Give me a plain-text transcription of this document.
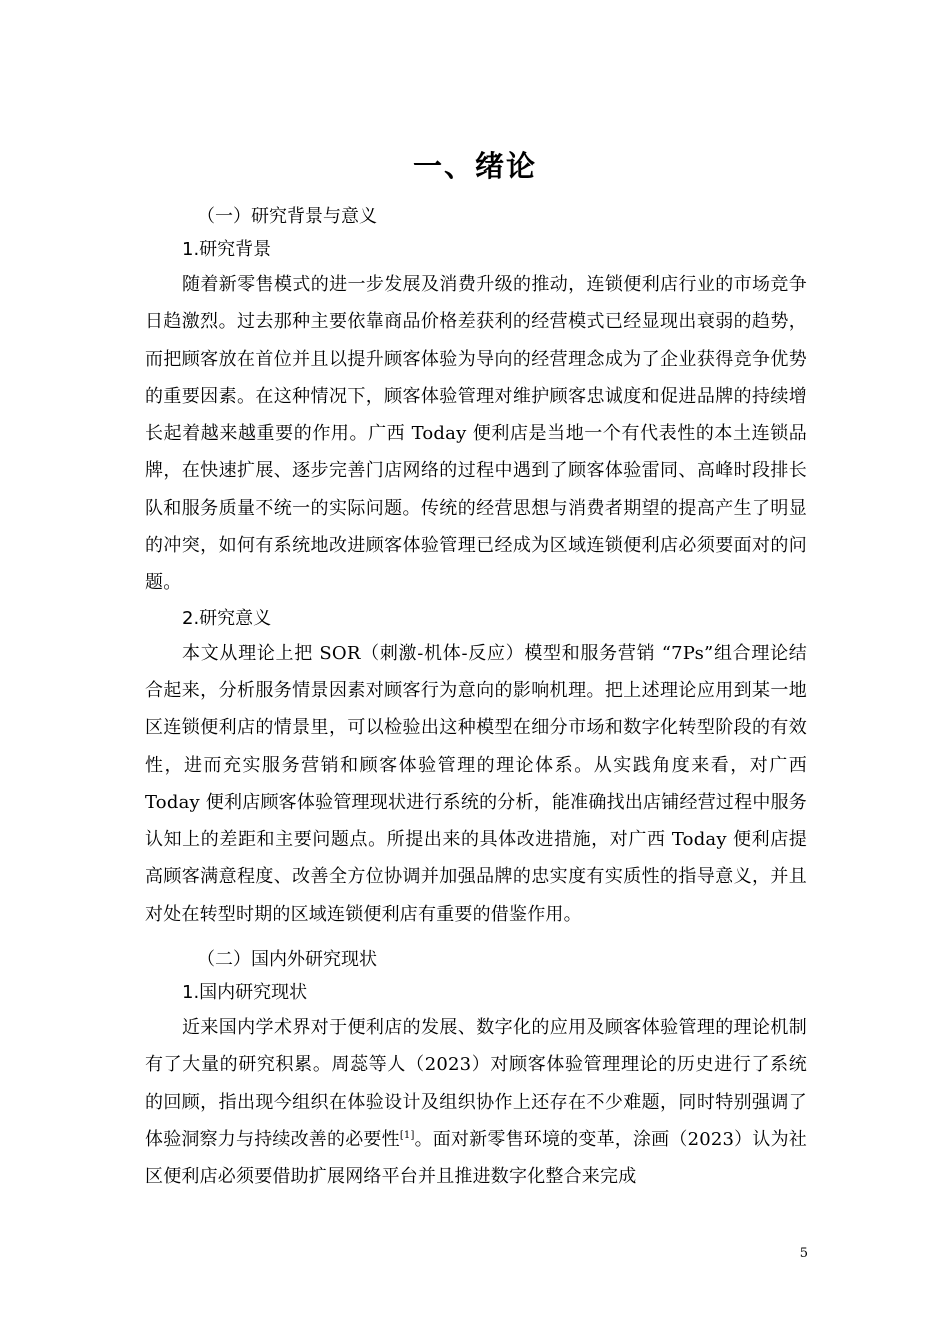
一、绪论
（一）研究背景与意义
1.研究背景

随着新零售模式的进一步发展及消费升级的推动，连锁便利店行业的市场竞争日趋激烈。过去那种主要依靠商品价格差获利的经营模式已经显现出衰弱的趋势，而把顾客放在首位并且以提升顾客体验为导向的经营理念成为了企业获得竞争优势的重要因素。在这种情况下，顾客体验管理对维护顾客忠诚度和促进品牌的持续增长起着越来越重要的作用。广西 Today 便利店是当地一个有代表性的本土连锁品牌，在快速扩展、逐步完善门店网络的过程中遇到了顾客体验雷同、高峰时段排长队和服务质量不统一的实际问题。传统的经营思想与消费者期望的提高产生了明显的冲突，如何有系统地改进顾客体验管理已经成为区域连锁便利店必须要面对的问题。

2.研究意义

本文从理论上把 SOR（刺激-机体-反应）模型和服务营销 “7Ps”组合理论结合起来，分析服务情景因素对顾客行为意向的影响机理。把上述理论应用到某一地区连锁便利店的情景里，可以检验出这种模型在细分市场和数字化转型阶段的有效性，进而充实服务营销和顾客体验管理的理论体系。从实践角度来看，对广西 Today 便利店顾客体验管理现状进行系统的分析，能准确找出店铺经营过程中服务认知上的差距和主要问题点。所提出来的具体改进措施，对广西 Today 便利店提高顾客满意程度、改善全方位协调并加强品牌的忠实度有实质性的指导意义，并且对处在转型时期的区域连锁便利店有重要的借鉴作用。

（二）国内外研究现状
1.国内研究现状

近来国内学术界对于便利店的发展、数字化的应用及顾客体验管理的理论机制有了大量的研究积累。周蕊等人（2023）对顾客体验管理理论的历史进行了系统的回顾，指出现今组织在体验设计及组织协作上还存在不少难题，同时特别强调了体验洞察力与持续改善的必要性[1]。面对新零售环境的变革，涂画（2023）认为社区便利店必须要借助扩展网络平台并且推进数字化整合来完成

5
